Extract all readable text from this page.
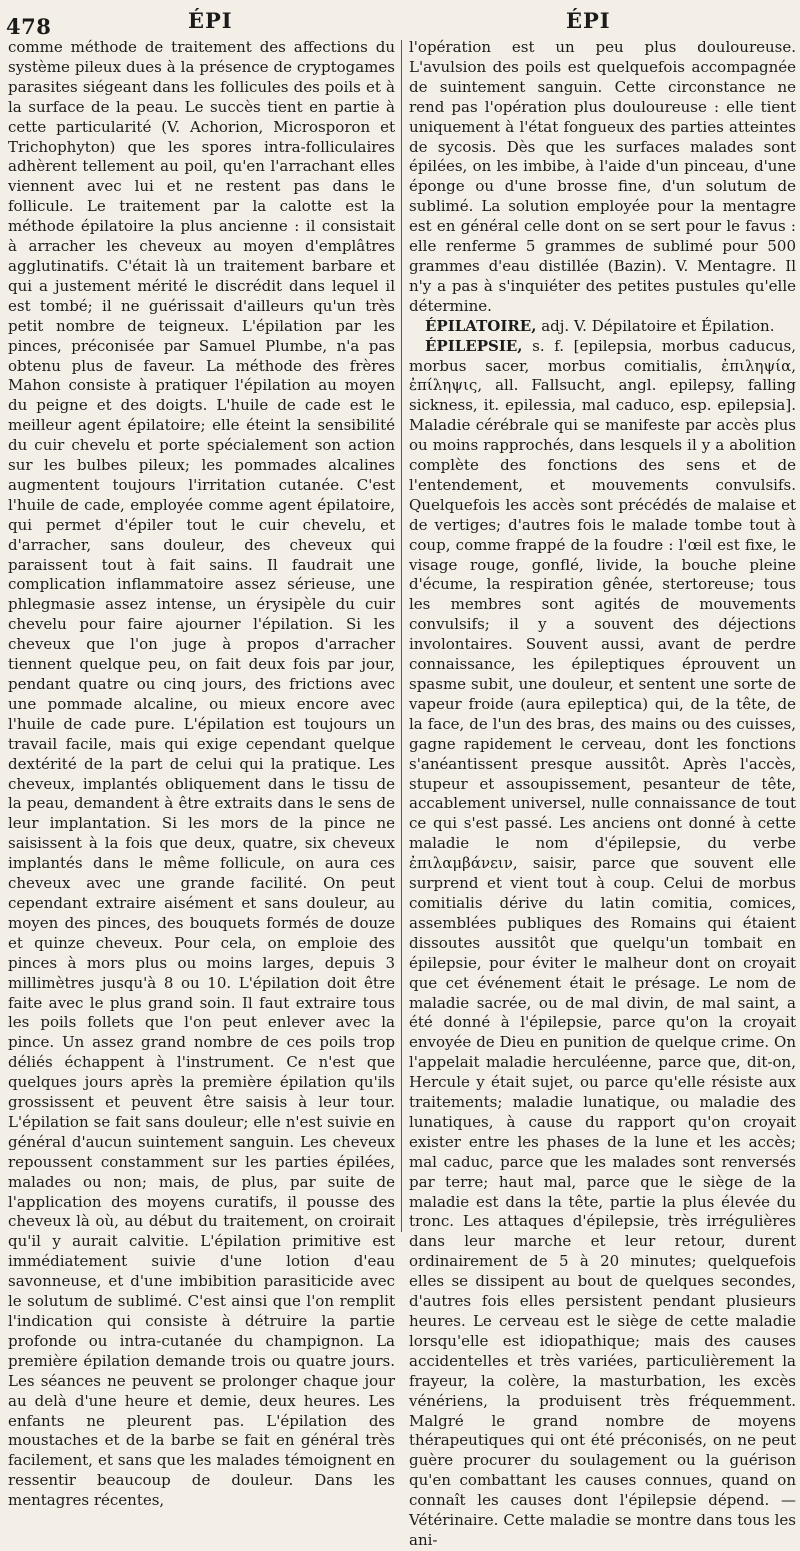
478	ÉPI	ÉPI

comme méthode de traitement des affections du système pileux dues à la présence de cryptogames parasites siégeant dans les follicules des poils et à la surface de la peau. Le succès tient en partie à cette particularité (V. Achorion, Microsporon et Trichophyton) que les spores intra-folliculaires adhèrent tellement au poil, qu'en l'arrachant elles viennent avec lui et ne restent pas dans le follicule. Le traitement par la calotte est la méthode épilatoire la plus ancienne : il consistait à arracher les cheveux au moyen d'emplâtres agglutinatifs. C'était là un traitement barbare et qui a justement mérité le discrédit dans lequel il est tombé; il ne guérissait d'ailleurs qu'un très petit nombre de teigneux. L'épilation par les pinces, préconisée par Samuel Plumbe, n'a pas obtenu plus de faveur. La méthode des frères Mahon consiste à pratiquer l'épilation au moyen du peigne et des doigts. L'huile de cade est le meilleur agent épilatoire; elle éteint la sensibilité du cuir chevelu et porte spécialement son action sur les bulbes pileux; les pommades alcalines augmentent toujours l'irritation cutanée. C'est l'huile de cade, employée comme agent épilatoire, qui permet d'épiler tout le cuir chevelu, et d'arracher, sans douleur, des cheveux qui paraissent tout à fait sains. Il faudrait une complication inflammatoire assez sérieuse, une phlegmasie assez intense, un érysipèle du cuir chevelu pour faire ajourner l'épilation. Si les cheveux que l'on juge à propos d'arracher tiennent quelque peu, on fait deux fois par jour, pendant quatre ou cinq jours, des frictions avec une pommade alcaline, ou mieux encore avec l'huile de cade pure. L'épilation est toujours un travail facile, mais qui exige cependant quelque dextérité de la part de celui qui la pratique. Les cheveux, implantés obliquement dans le tissu de la peau, demandent à être extraits dans le sens de leur implantation. Si les mors de la pince ne saisissent à la fois que deux, quatre, six cheveux implantés dans le même follicule, on aura ces cheveux avec une grande facilité. On peut cependant extraire aisément et sans douleur, au moyen des pinces, des bouquets formés de douze et quinze cheveux. Pour cela, on emploie des pinces à mors plus ou moins larges, depuis 3 millimètres jusqu'à 8 ou 10. L'épilation doit être faite avec le plus grand soin. Il faut extraire tous les poils follets que l'on peut enlever avec la pince. Un assez grand nombre de ces poils trop déliés échappent à l'instrument. Ce n'est que quelques jours après la première épilation qu'ils grossissent et peuvent être saisis à leur tour. L'épilation se fait sans douleur; elle n'est suivie en général d'aucun suintement sanguin. Les cheveux repoussent constamment sur les parties épilées, malades ou non; mais, de plus, par suite de l'application des moyens curatifs, il pousse des cheveux là où, au début du traitement, on croirait qu'il y aurait calvitie. L'épilation primitive est immédiatement suivie d'une lotion d'eau savonneuse, et d'une imbibition parasiticide avec le solutum de sublimé. C'est ainsi que l'on remplit l'indication qui consiste à détruire la partie profonde ou intra-cutanée du champignon. La première épilation demande trois ou quatre jours. Les séances ne peuvent se prolonger chaque jour au delà d'une heure et demie, deux heures. Les enfants ne pleurent pas. L'épilation des moustaches et de la barbe se fait en général très facilement, et sans que les malades témoignent en ressentir beaucoup de douleur. Dans les mentagres récentes,

l'opération est un peu plus douloureuse. L'avulsion des poils est quelquefois accompagnée de suintement sanguin. Cette circonstance ne rend pas l'opération plus douloureuse : elle tient uniquement à l'état fongueux des parties atteintes de sycosis. Dès que les surfaces malades sont épilées, on les imbibe, à l'aide d'un pinceau, d'une éponge ou d'une brosse fine, d'un solutum de sublimé. La solution employée pour la mentagre est en général celle dont on se sert pour le favus : elle renferme 5 grammes de sublimé pour 500 grammes d'eau distillée (Bazin). V. Mentagre. Il n'y a pas à s'inquiéter des petites pustules qu'elle détermine.

ÉPILATOIRE, adj. V. Dépilatoire et Épilation.

ÉPILEPSIE, s. f. [epilepsia, morbus caducus, morbus sacer, morbus comitialis, ἐπιληψία, ἐπίληψις, all. Fallsucht, angl. epilepsy, falling sickness, it. epilessia, mal caduco, esp. epilepsia]. Maladie cérébrale qui se manifeste par accès plus ou moins rapprochés, dans lesquels il y a abolition complète des fonctions des sens et de l'entendement, et mouvements convulsifs. Quelquefois les accès sont précédés de malaise et de vertiges; d'autres fois le malade tombe tout à coup, comme frappé de la foudre : l'œil est fixe, le visage rouge, gonflé, livide, la bouche pleine d'écume, la respiration gênée, stertoreuse; tous les membres sont agités de mouvements convulsifs; il y a souvent des déjections involontaires. Souvent aussi, avant de perdre connaissance, les épileptiques éprouvent un spasme subit, une douleur, et sentent une sorte de vapeur froide (aura epileptica) qui, de la tête, de la face, de l'un des bras, des mains ou des cuisses, gagne rapidement le cerveau, dont les fonctions s'anéantissent presque aussitôt. Après l'accès, stupeur et assoupissement, pesanteur de tête, accablement universel, nulle connaissance de tout ce qui s'est passé. Les anciens ont donné à cette maladie le nom d'épilepsie, du verbe ἐπιλαμβάνειν, saisir, parce que souvent elle surprend et vient tout à coup. Celui de morbus comitialis dérive du latin comitia, comices, assemblées publiques des Romains qui étaient dissoutes aussitôt que quelqu'un tombait en épilepsie, pour éviter le malheur dont on croyait que cet événement était le présage. Le nom de maladie sacrée, ou de mal divin, de mal saint, a été donné à l'épilepsie, parce qu'on la croyait envoyée de Dieu en punition de quelque crime. On l'appelait maladie herculéenne, parce que, dit-on, Hercule y était sujet, ou parce qu'elle résiste aux traitements; maladie lunatique, ou maladie des lunatiques, à cause du rapport qu'on croyait exister entre les phases de la lune et les accès; mal caduc, parce que les malades sont renversés par terre; haut mal, parce que le siège de la maladie est dans la tête, partie la plus élevée du tronc. Les attaques d'épilepsie, très irrégulières dans leur marche et leur retour, durent ordinairement de 5 à 20 minutes; quelquefois elles se dissipent au bout de quelques secondes, d'autres fois elles persistent pendant plusieurs heures. Le cerveau est le siège de cette maladie lorsqu'elle est idiopathique; mais des causes accidentelles et très variées, particulièrement la frayeur, la colère, la masturbation, les excès vénériens, la produisent très fréquemment. Malgré le grand nombre de moyens thérapeutiques qui ont été préconisés, on ne peut guère procurer du soulagement ou la guérison qu'en combattant les causes connues, quand on connaît les causes dont l'épilepsie dépend. — Vétérinaire. Cette maladie se montre dans tous les ani-
